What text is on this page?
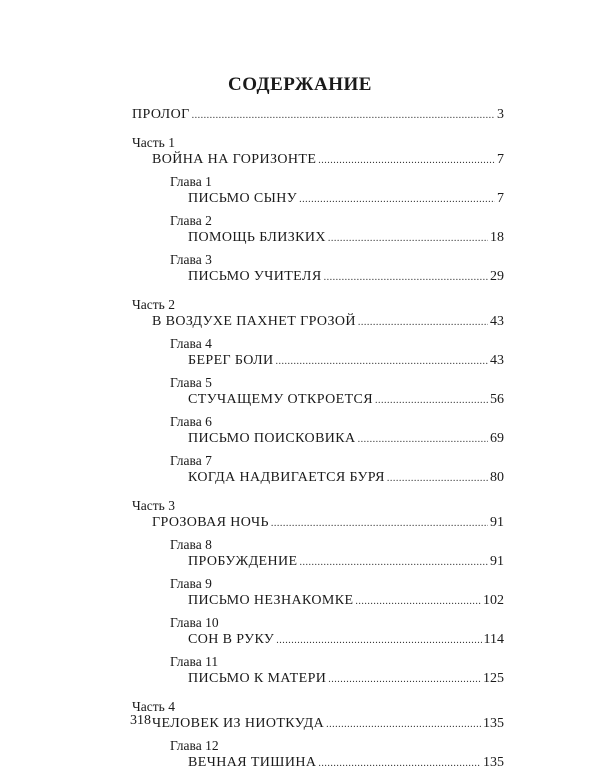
СОДЕРЖАНИЕ
ПРОЛОГ .....	3
Часть 1
ВОЙНА НА ГОРИЗОНТЕ .....	7
Глава 1
ПИСЬМО СЫНУ .....	7
Глава 2
ПОМОЩЬ БЛИЗКИХ .....	18
Глава 3
ПИСЬМО УЧИТЕЛЯ .....	29
Часть 2
В ВОЗДУХЕ ПАХНЕТ ГРОЗОЙ .....	43
Глава 4
БЕРЕГ БОЛИ .....	43
Глава 5
СТУЧАЩЕМУ ОТКРОЕТСЯ .....	56
Глава 6
ПИСЬМО ПОИСКОВИКА .....	69
Глава 7
КОГДА НАДВИГАЕТСЯ БУРЯ .....	80
Часть 3
ГРОЗОВАЯ НОЧЬ .....	91
Глава 8
ПРОБУЖДЕНИЕ .....	91
Глава 9
ПИСЬМО НЕЗНАКОМКЕ .....	102
Глава 10
СОН В РУКУ .....	114
Глава 11
ПИСЬМО К МАТЕРИ .....	125
Часть 4
ЧЕЛОВЕК ИЗ НИОТКУДА .....	135
Глава 12
ВЕЧНАЯ ТИШИНА .....	135
318
